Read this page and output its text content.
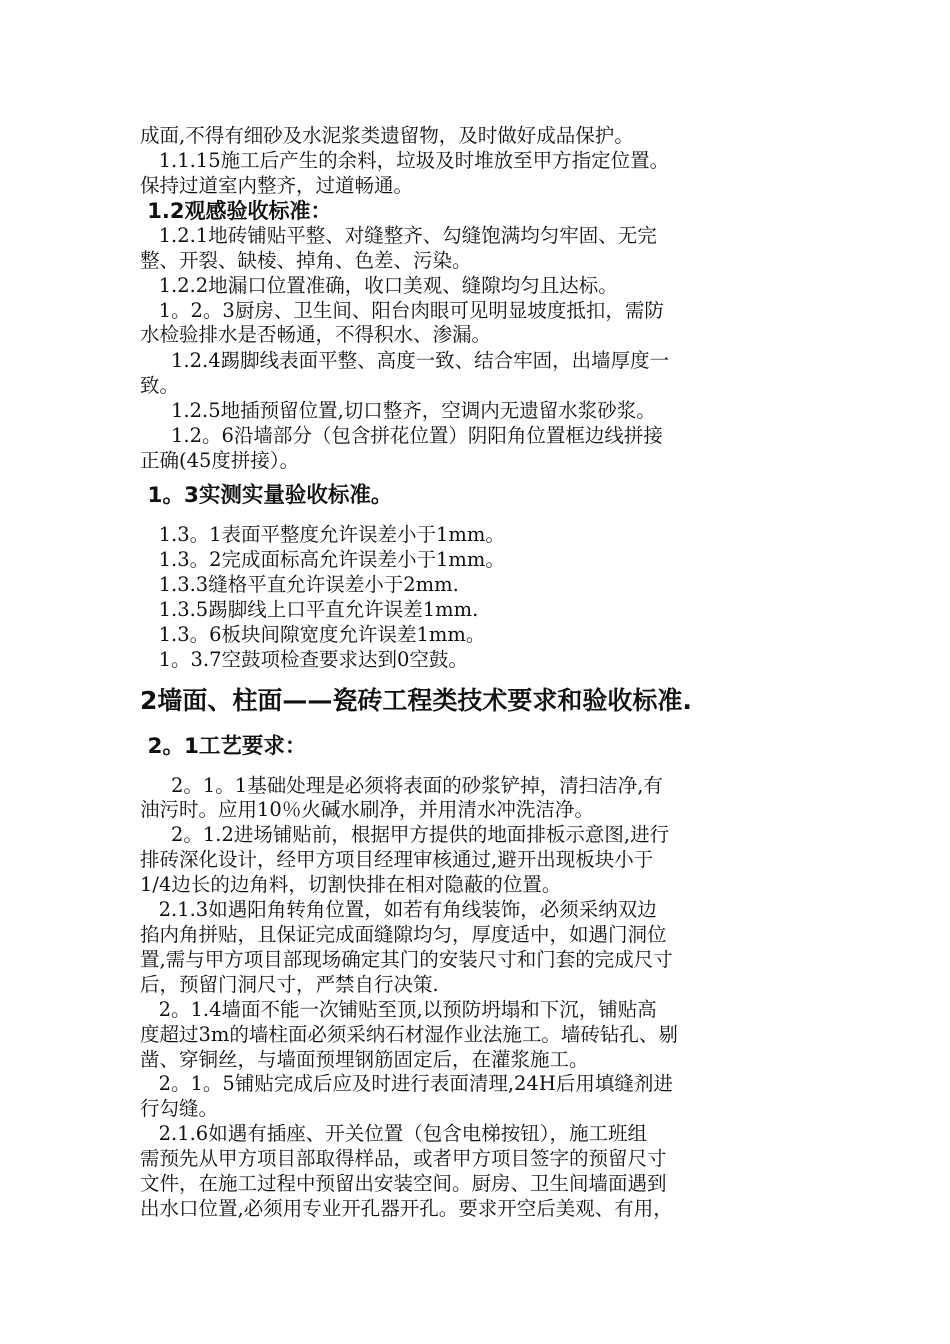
成面,不得有细砂及水泥浆类遗留物，及时做好成品保护。
1.1.15施工后产生的余料，垃圾及时堆放至甲方指定位置。
保持过道室内整齐，过道畅通。
1.2观感验收标准：
1.2.1地砖铺贴平整、对缝整齐、勾缝饱满均匀牢固、无完
整、开裂、缺棱、掉角、色差、污染。
1.2.2地漏口位置准确，收口美观、缝隙均匀且达标。
1。2。3厨房、卫生间、阳台肉眼可见明显坡度抵扣，需防
水检验排水是否畅通，不得积水、渗漏。
1.2.4踢脚线表面平整、高度一致、结合牢固，出墙厚度一
致。
1.2.5地插预留位置,切口整齐，空调内无遗留水浆砂浆。
1.2。6沿墙部分（包含拼花位置）阴阳角位置框边线拼接
正确(45度拼接）。
1。3实测实量验收标准。
1.3。1表面平整度允许误差小于1mm。
1.3。2完成面标高允许误差小于1mm。
1.3.3缝格平直允许误差小于2mm.
1.3.5踢脚线上口平直允许误差1mm.
1.3。6板块间隙宽度允许误差1mm。
1。3.7空鼓项检查要求达到0空鼓。
2墙面、柱面——瓷砖工程类技术要求和验收标准.
2。1工艺要求：
2。1。1基础处理是必须将表面的砂浆铲掉，清扫洁净,有
油污时。应用10％火碱水刷净，并用清水冲洗洁净。
2。1.2进场铺贴前，根据甲方提供的地面排板示意图,进行
排砖深化设计，经甲方项目经理审核通过,避开出现板块小于
1/4边长的边角料，切割快排在相对隐蔽的位置。
2.1.3如遇阳角转角位置，如若有角线装饰，必须采纳双边
掐内角拼贴，且保证完成面缝隙均匀，厚度适中，如遇门洞位
置,需与甲方项目部现场确定其门的安装尺寸和门套的完成尺寸
后，预留门洞尺寸，严禁自行决策.
2。1.4墙面不能一次铺贴至顶,以预防坍塌和下沉，铺贴高
度超过3m的墙柱面必须采纳石材湿作业法施工。墙砖钻孔、剔
凿、穿铜丝，与墙面预埋钢筋固定后，在灌浆施工。
2。1。5铺贴完成后应及时进行表面清理,24H后用填缝剂进
行勾缝。
2.1.6如遇有插座、开关位置（包含电梯按钮），施工班组
需预先从甲方项目部取得样品，或者甲方项目签字的预留尺寸
文件，在施工过程中预留出安装空间。厨房、卫生间墙面遇到
出水口位置,必须用专业开孔器开孔。要求开空后美观、有用，
